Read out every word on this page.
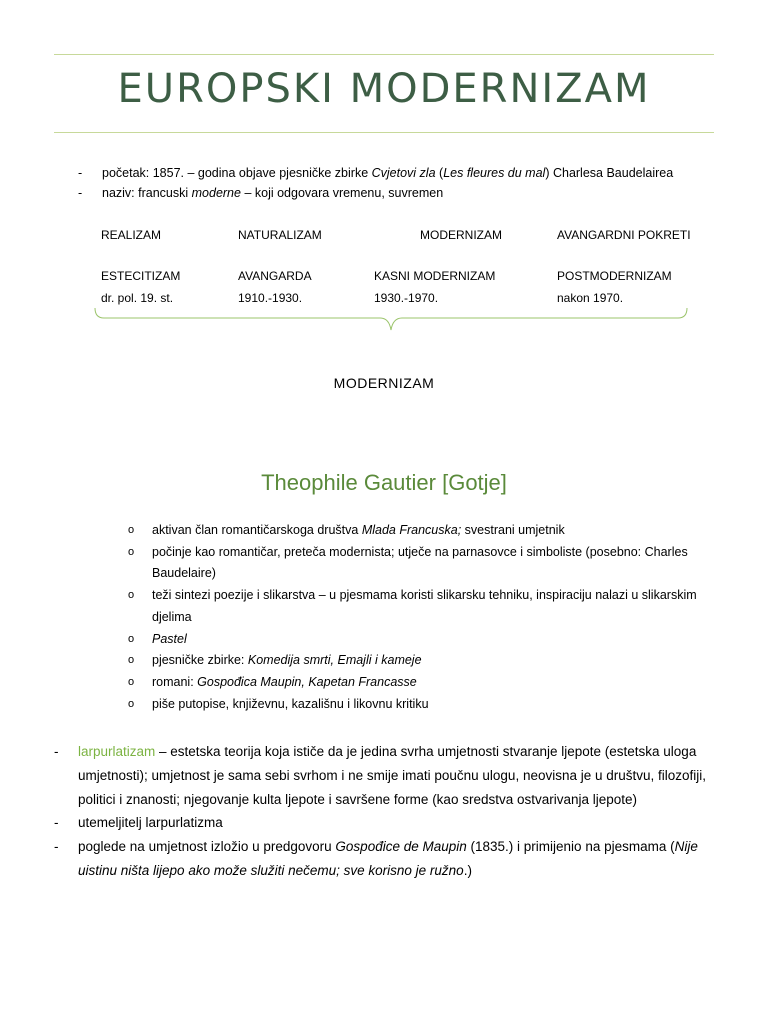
EUROPSKI MODERNIZAM
-	početak: 1857. – godina objave pjesničke zbirke Cvjetovi zla (Les fleures du mal) Charlesa Baudelairea
-	naziv: francuski moderne – koji odgovara vremenu, suvremen
REALIZAM	NATURALIZAM	MODERNIZAM	AVANGARDNI POKRETI
ESTECITIZAM	AVANGARDA	KASNI MODERNIZAM	POSTMODERNIZAM
dr. pol. 19. st.	1910.-1930.	1930.-1970.	nakon 1970.
MODERNIZAM
Theophile Gautier [Gotje]
o	aktivan član romantičarskoga društva Mlada Francuska; svestrani umjetnik
o	počinje kao romantičar, preteča modernista; utječe na parnasovce i simboliste (posebno: Charles Baudelaire)
o	teži sintezi poezije i slikarstva – u pjesmama koristi slikarsku tehniku, inspiraciju nalazi u slikarskim djelima
o	Pastel
o	pjesničke zbirke: Komedija smrti, Emajli i kameje
o	romani: Gospođica Maupin, Kapetan Francasse
o	piše putopise, književnu, kazališnu i likovnu kritiku
-	larpurlatizam – estetska teorija koja ističe da je jedina svrha umjetnosti stvaranje ljepote (estetska uloga umjetnosti); umjetnost je sama sebi svrhom i ne smije imati poučnu ulogu, neovisna je u društvu, filozofiji, politici i znanosti; njegovanje kulta ljepote i savršene forme (kao sredstva ostvarivanja ljepote)
-	utemeljitelj larpurlatizma
-	poglede na umjetnost izložio u predgovoru Gospođice de Maupin (1835.) i primijenio na pjesmama (Nije uistinu ništa lijepo ako može služiti nečemu; sve korisno je ružno.)
